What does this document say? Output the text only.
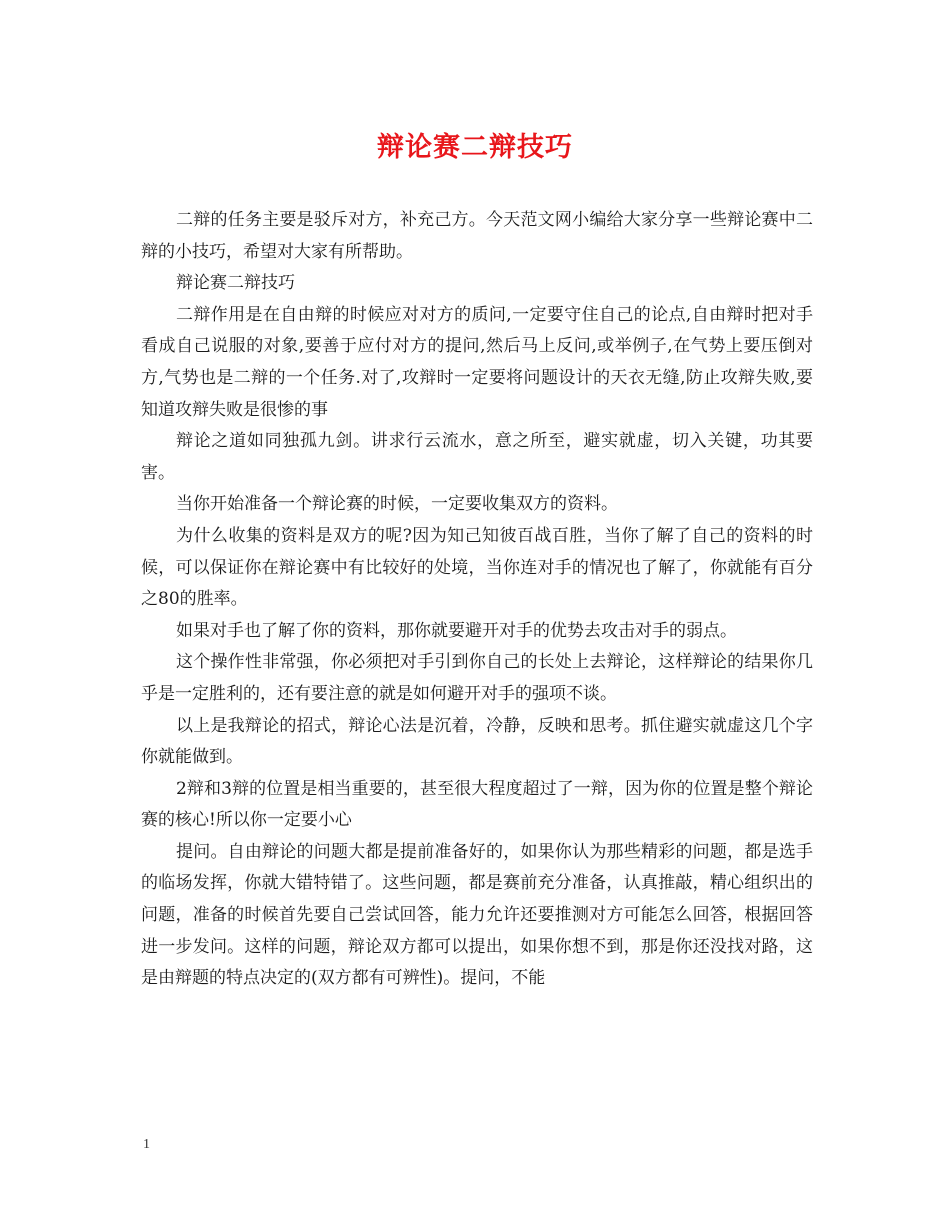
辩论赛二辩技巧

二辩的任务主要是驳斥对方，补充己方。今天范文网小编给大家分享一些辩论赛中二辩的小技巧，希望对大家有所帮助。

辩论赛二辩技巧

二辩作用是在自由辩的时候应对对方的质问,一定要守住自己的论点,自由辩时把对手看成自己说服的对象,要善于应付对方的提问,然后马上反问,或举例子,在气势上要压倒对方,气势也是二辩的一个任务.对了,攻辩时一定要将问题设计的天衣无缝,防止攻辩失败,要知道攻辩失败是很惨的事

辩论之道如同独孤九剑。讲求行云流水，意之所至，避实就虚，切入关键，功其要害。

当你开始准备一个辩论赛的时候，一定要收集双方的资料。

为什么收集的资料是双方的呢?因为知己知彼百战百胜，当你了解了自己的资料的时候，可以保证你在辩论赛中有比较好的处境，当你连对手的情况也了解了，你就能有百分之80的胜率。

如果对手也了解了你的资料，那你就要避开对手的优势去攻击对手的弱点。

这个操作性非常强，你必须把对手引到你自己的长处上去辩论，这样辩论的结果你几乎是一定胜利的，还有要注意的就是如何避开对手的强项不谈。

以上是我辩论的招式，辩论心法是沉着，冷静，反映和思考。抓住避实就虚这几个字你就能做到。

2辩和3辩的位置是相当重要的，甚至很大程度超过了一辩，因为你的位置是整个辩论赛的核心!所以你一定要小心

提问。自由辩论的问题大都是提前准备好的，如果你认为那些精彩的问题，都是选手的临场发挥，你就大错特错了。这些问题，都是赛前充分准备，认真推敲，精心组织出的问题，准备的时候首先要自己尝试回答，能力允许还要推测对方可能怎么回答，根据回答进一步发问。这样的问题，辩论双方都可以提出，如果你想不到，那是你还没找对路，这是由辩题的特点决定的(双方都有可辨性)。提问，不能

1
